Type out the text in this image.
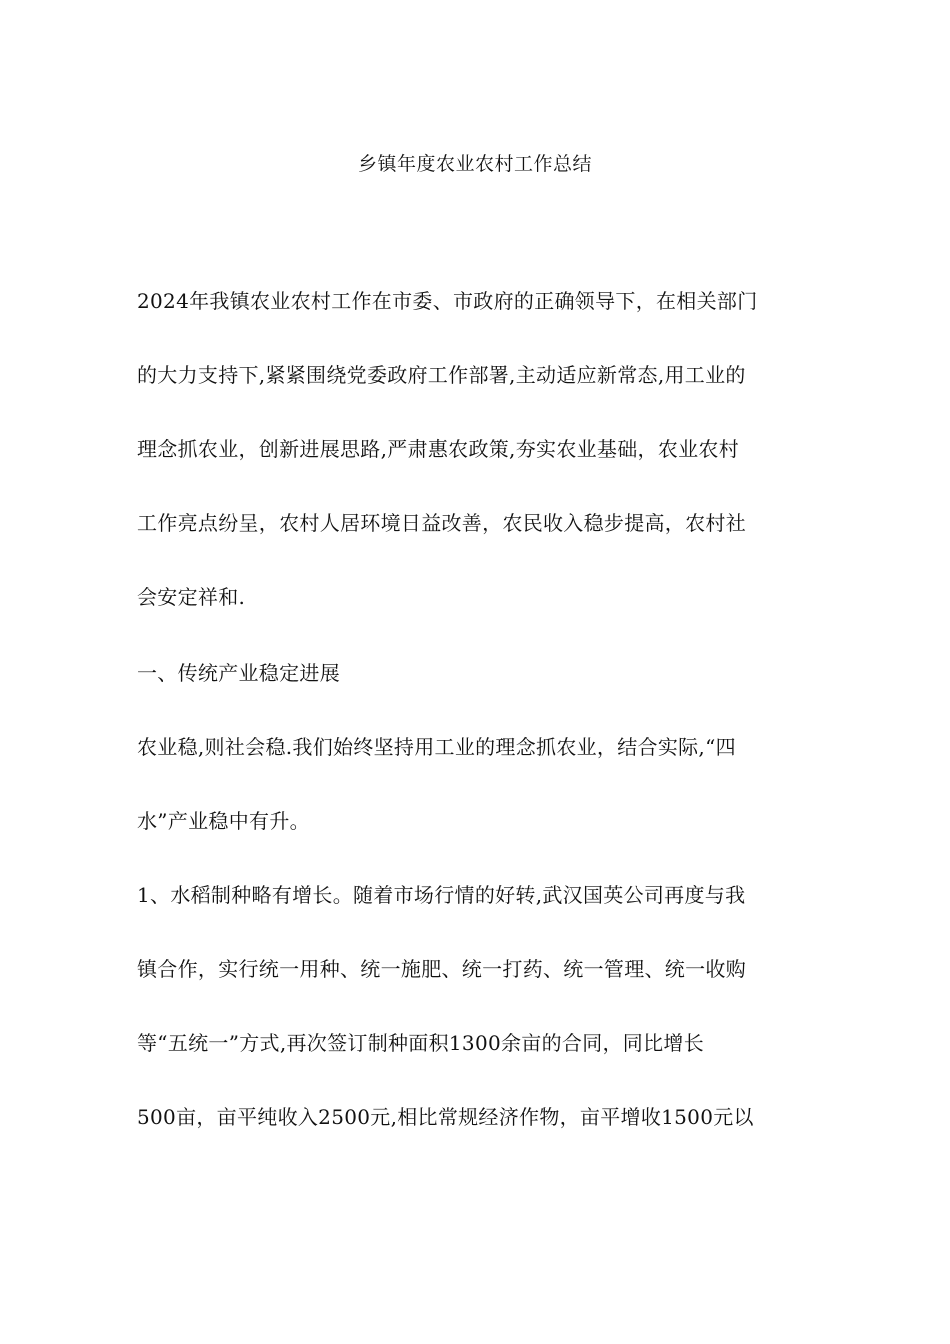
乡镇年度农业农村工作总结
2024年我镇农业农村工作在市委、市政府的正确领导下，在相关部门
的大力支持下,紧紧围绕党委政府工作部署,主动适应新常态,用工业的
理念抓农业，创新进展思路,严肃惠农政策,夯实农业基础，农业农村
工作亮点纷呈，农村人居环境日益改善，农民收入稳步提高，农村社
会安定祥和.
一、传统产业稳定进展
农业稳,则社会稳.我们始终坚持用工业的理念抓农业，结合实际,“四
水”产业稳中有升。
1、水稻制种略有增长。随着市场行情的好转,武汉国英公司再度与我
镇合作，实行统一用种、统一施肥、统一打药、统一管理、统一收购
等“五统一”方式,再次签订制种面积1300余亩的合同，同比增长
500亩，亩平纯收入2500元,相比常规经济作物，亩平增收1500元以
